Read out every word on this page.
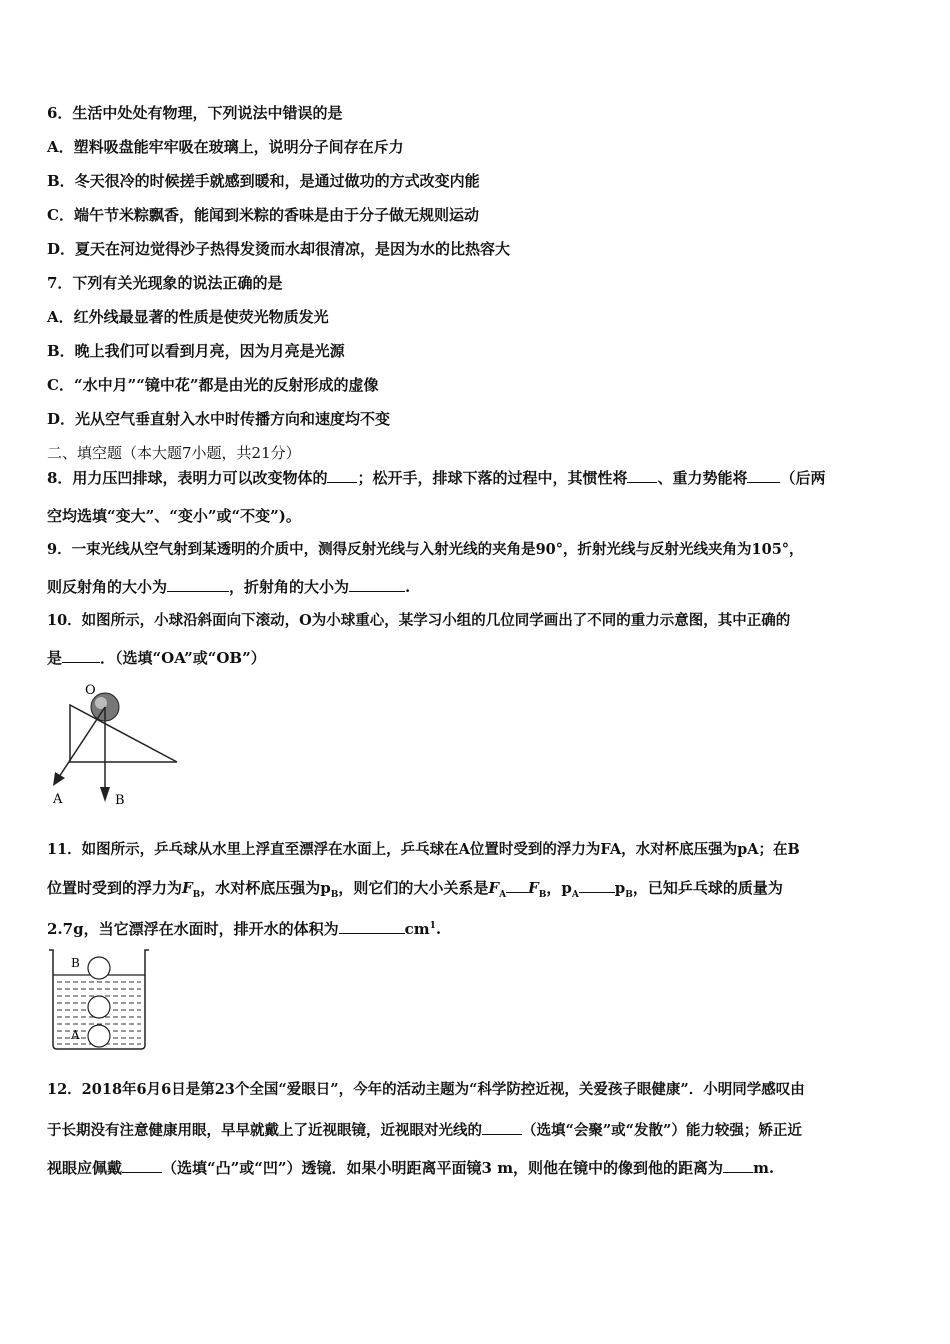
6．生活中处处有物理，下列说法中错误的是
A．塑料吸盘能牢牢吸在玻璃上，说明分子间存在斥力
B．冬天很冷的时候搓手就感到暖和，是通过做功的方式改变内能
C．端午节米粽飘香，能闻到米粽的香味是由于分子做无规则运动
D．夏天在河边觉得沙子热得发烫而水却很清凉，是因为水的比热容大
7．下列有关光现象的说法正确的是
A．红外线最显著的性质是使荧光物质发光
B．晚上我们可以看到月亮，因为月亮是光源
C．“水中月”“镜中花”都是由光的反射形成的虚像
D．光从空气垂直射入水中时传播方向和速度均不变
二、填空题（本大题7小题，共21分）
8．用力压凹排球，表明力可以改变物体的 ；松开手，排球下落的过程中，其惯性将 、重力势能将 （后两
空均选填“变大”、“变小”或“不变”)。
9．一束光线从空气射到某透明的介质中，测得反射光线与入射光线的夹角是90°，折射光线与反射光线夹角为105°，
则反射角的大小为	，折射角的大小为	.
10．如图所示，小球沿斜面向下滚动，O为小球重心，某学习小组的几位同学画出了不同的重力示意图，其中正确的
是	．（选填“OA”或“OB”）
O
A	B
11．如图所示，乒乓球从水里上浮直至漂浮在水面上，乒乓球在A位置时受到的浮力为FA，水对杯底压强为pA；在B
位置时受到的浮力为$F_B$，水对杯底压强为$p_B$，则它们的大小关系是$F_A$ $F_B$，$p_A$ $p_B$，已知乒乓球的质量为
2.7g，当它漂浮在水面时，排开水的体积为	$cm^1$.
B
A
12．2018年6月6日是第23个全国“爱眼日”，今年的活动主题为“科学防控近视，关爱孩子眼健康”．小明同学感叹由
于长期没有注意健康用眼，早早就戴上了近视眼镜，近视眼对光线的	（选填“会聚”或“发散”）能力较强；矫正近
视眼应佩戴	（选填“凸”或“凹”）透镜．如果小明距离平面镜3 m，则他在镜中的像到他的距离为 m.
